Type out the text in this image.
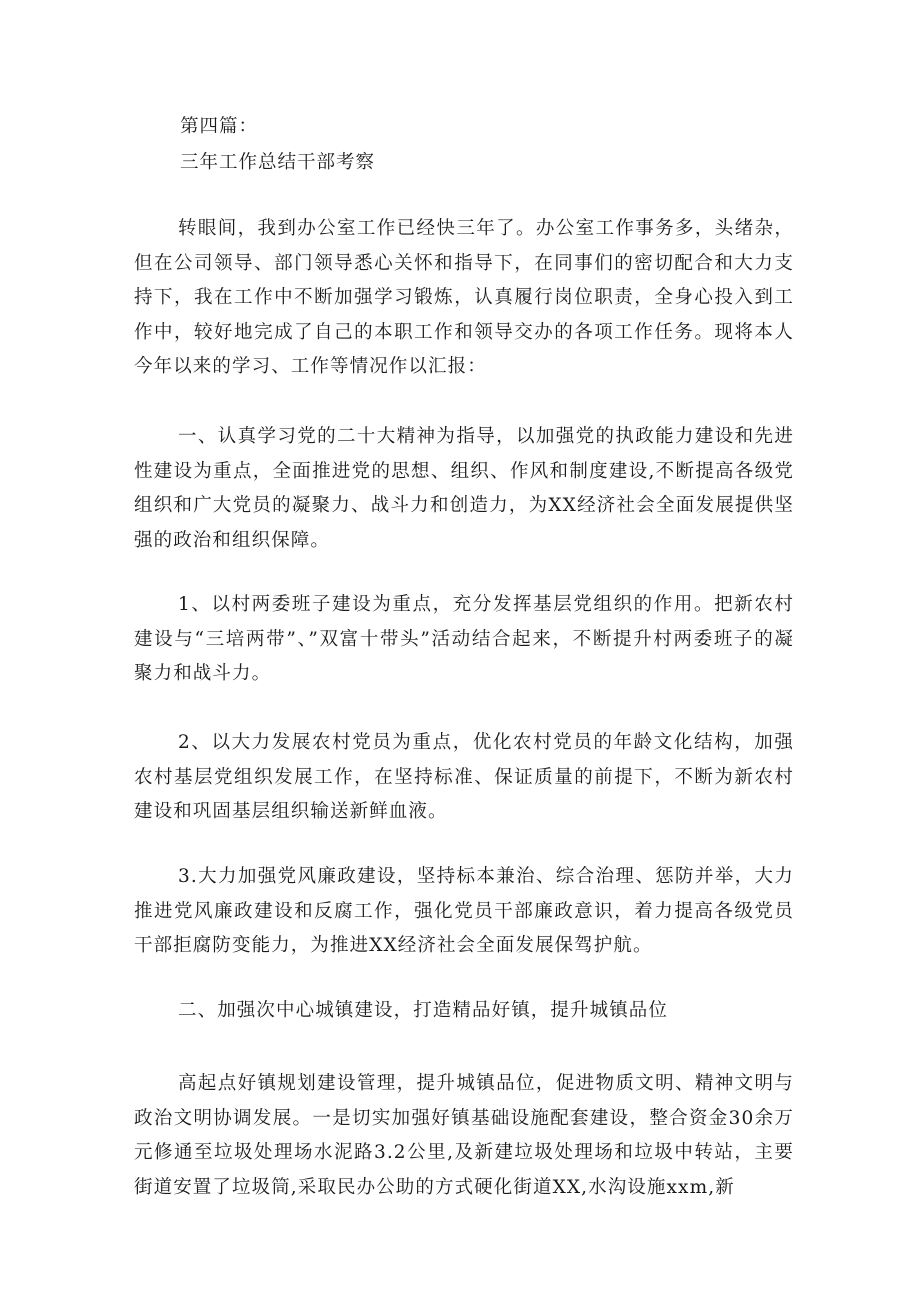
第四篇：
三年工作总结干部考察

转眼间，我到办公室工作已经快三年了。办公室工作事务多，头绪杂，但在公司领导、部门领导悉心关怀和指导下，在同事们的密切配合和大力支持下，我在工作中不断加强学习锻炼，认真履行岗位职责，全身心投入到工作中，较好地完成了自己的本职工作和领导交办的各项工作任务。现将本人今年以来的学习、工作等情况作以汇报：

一、认真学习党的二十大精神为指导，以加强党的执政能力建设和先进性建设为重点，全面推进党的思想、组织、作风和制度建设,不断提高各级党组织和广大党员的凝聚力、战斗力和创造力，为XX经济社会全面发展提供坚强的政治和组织保障。

1、以村两委班子建设为重点，充分发挥基层党组织的作用。把新农村建设与“三培两带”、”双富十带头”活动结合起来，不断提升村两委班子的凝聚力和战斗力。

2、以大力发展农村党员为重点，优化农村党员的年龄文化结构，加强农村基层党组织发展工作，在坚持标准、保证质量的前提下，不断为新农村建设和巩固基层组织输送新鲜血液。

3.大力加强党风廉政建设，坚持标本兼治、综合治理、惩防并举，大力推进党风廉政建设和反腐工作，强化党员干部廉政意识，着力提高各级党员干部拒腐防变能力，为推进XX经济社会全面发展保驾护航。

二、加强次中心城镇建设，打造精品好镇，提升城镇品位

高起点好镇规划建设管理，提升城镇品位，促进物质文明、精神文明与政治文明协调发展。一是切实加强好镇基础设施配套建设，整合资金30余万元修通至垃圾处理场水泥路3.2公里,及新建垃圾处理场和垃圾中转站，主要街道安置了垃圾筒,采取民办公助的方式硬化街道XX,水沟设施xxm,新
